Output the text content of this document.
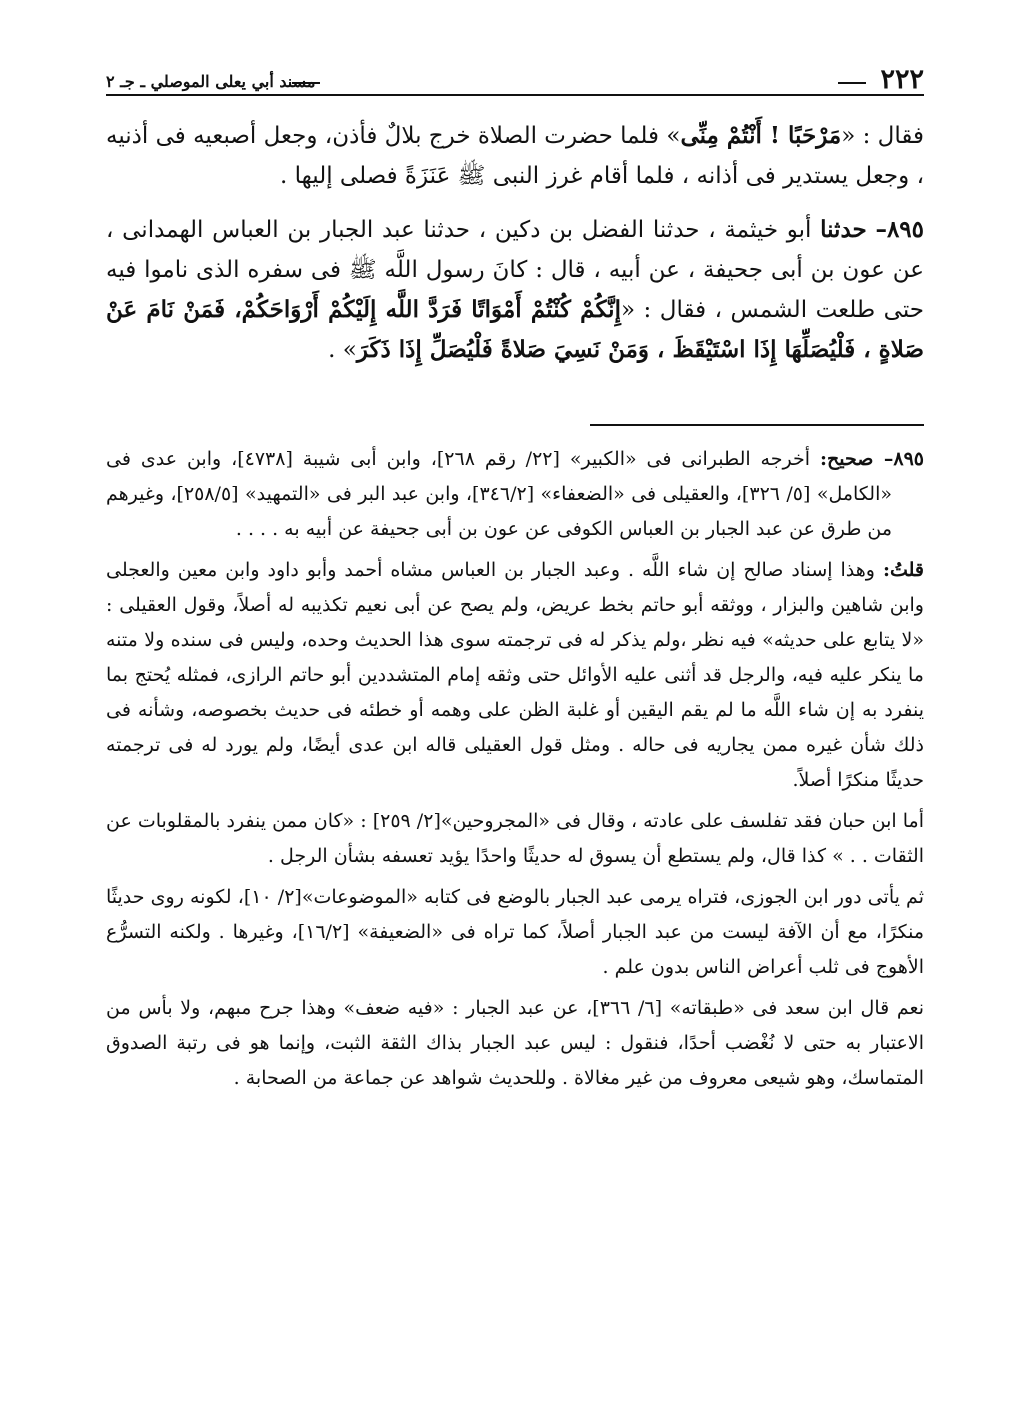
٢٢٢
مسند أبي يعلى الموصلي ـ جـ ٢

فقال : «مَرْحَبًا ! أَنْتُمْ مِنِّى» فلما حضرت الصلاة خرج بلالٌ فأذن، وجعل أصبعيه فى أذنيه ، وجعل يستدير فى أذانه ، فلما أقام غرز النبى ﷺ عَنَزَةً فصلى إليها .

٨٩٥– حدثنا أبو خيثمة ، حدثنا الفضل بن دكين ، حدثنا عبد الجبار بن العباس الهمدانى ، عن عون بن أبى جحيفة ، عن أبيه ، قال : كانَ رسول اللَّه ﷺ فى سفره الذى ناموا فيه حتى طلعت الشمس ، فقال : «إِنَّكُمْ كُنْتُمْ أَمْوَاتًا فَرَدَّ اللَّه إِلَيْكُمْ أَرْوَاحَكُمْ، فَمَنْ نَامَ عَنْ صَلاةٍ ، فَلْيُصَلِّهَا إِذَا اسْتَيْقَظَ ، وَمَنْ نَسِيَ صَلاةً فَلْيُصَلِّ إِذَا ذَكَرَ» .

٨٩٥– صحيح: أخرجه الطبرانى فى «الكبير» [٢٢/ رقم ٢٦٨]، وابن أبى شيبة [٤٧٣٨]، وابن عدى فى «الكامل» [٥/ ٣٢٦]، والعقيلى فى «الضعفاء» [٣٤٦/٢]، وابن عبد البر فى «التمهيد» [٢٥٨/٥]، وغيرهم من طرق عن عبد الجبار بن العباس الكوفى عن عون بن أبى جحيفة عن أبيه به . . . .

قلتُ: وهذا إسناد صالح إن شاء اللَّه . وعبد الجبار بن العباس مشاه أحمد وأبو داود وابن معين والعجلى وابن شاهين والبزار ، ووثقه أبو حاتم بخط عريض، ولم يصح عن أبى نعيم تكذيبه له أصلاً، وقول العقيلى : «لا يتابع على حديثه» فيه نظر ،ولم يذكر له فى ترجمته سوى هذا الحديث وحده، وليس فى سنده ولا متنه ما ينكر عليه فيه، والرجل قد أثنى عليه الأوائل حتى وثقه إمام المتشددين أبو حاتم الرازى، فمثله يُحتج بما ينفرد به إن شاء اللَّه ما لم يقم اليقين أو غلبة الظن على وهمه أو خطئه فى حديث بخصوصه، وشأنه فى ذلك شأن غيره ممن يجاريه فى حاله . ومثل قول العقيلى قاله ابن عدى أيضًا، ولم يورد له فى ترجمته حديثًا منكرًا أصلاً.

أما ابن حبان فقد تفلسف على عادته ، وقال فى «المجروحين»[٢/ ٢٥٩] : «كان ممن ينفرد بالمقلوبات عن الثقات . . » كذا قال، ولم يستطع أن يسوق له حديثًا واحدًا يؤيد تعسفه بشأن الرجل .

ثم يأتى دور ابن الجوزى، فتراه يرمى عبد الجبار بالوضع فى كتابه «الموضوعات»[٢/ ١٠]، لكونه روى حديثًا منكرًا، مع أن الآفة ليست من عبد الجبار أصلاً، كما تراه فى «الضعيفة» [١٦/٢]، وغيرها . ولكنه التسرُّع الأهوج فى ثلب أعراض الناس بدون علم .

نعم قال ابن سعد فى «طبقاته» [٦/ ٣٦٦]، عن عبد الجبار : «فيه ضعف» وهذا جرح مبهم، ولا بأس من الاعتبار به حتى لا نُغْضب أحدًا، فنقول : ليس عبد الجبار بذاك الثقة الثبت، وإنما هو فى رتبة الصدوق المتماسك، وهو شيعى معروف من غير مغالاة . وللحديث شواهد عن جماعة من الصحابة .
